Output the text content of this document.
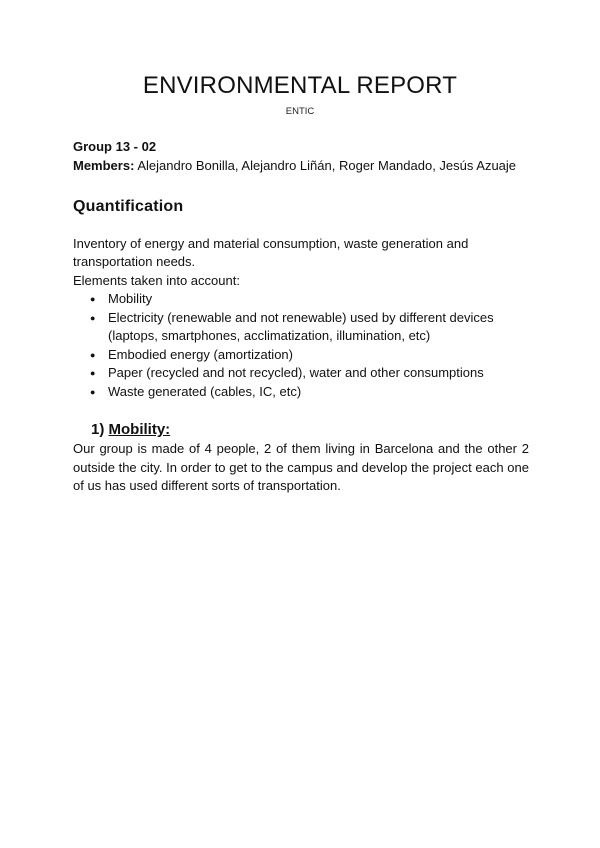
ENVIRONMENTAL REPORT
ENTIC

Group 13 - 02

Members: Alejandro Bonilla, Alejandro Liñán, Roger Mandado, Jesús Azuaje

Quantification

Inventory of energy and material consumption, waste generation and transportation needs.

Elements taken into account:

● Mobility
● Electricity (renewable and not renewable) used by different devices (laptops, smartphones, acclimatization, illumination, etc)
● Embodied energy (amortization)
● Paper (recycled and not recycled), water and other consumptions
● Waste generated (cables, IC, etc)
1) Mobility:

Our group is made of 4 people, 2 of them living in Barcelona and the other 2 outside the city. In order to get to the campus and develop the project each one of us has used different sorts of transportation.
